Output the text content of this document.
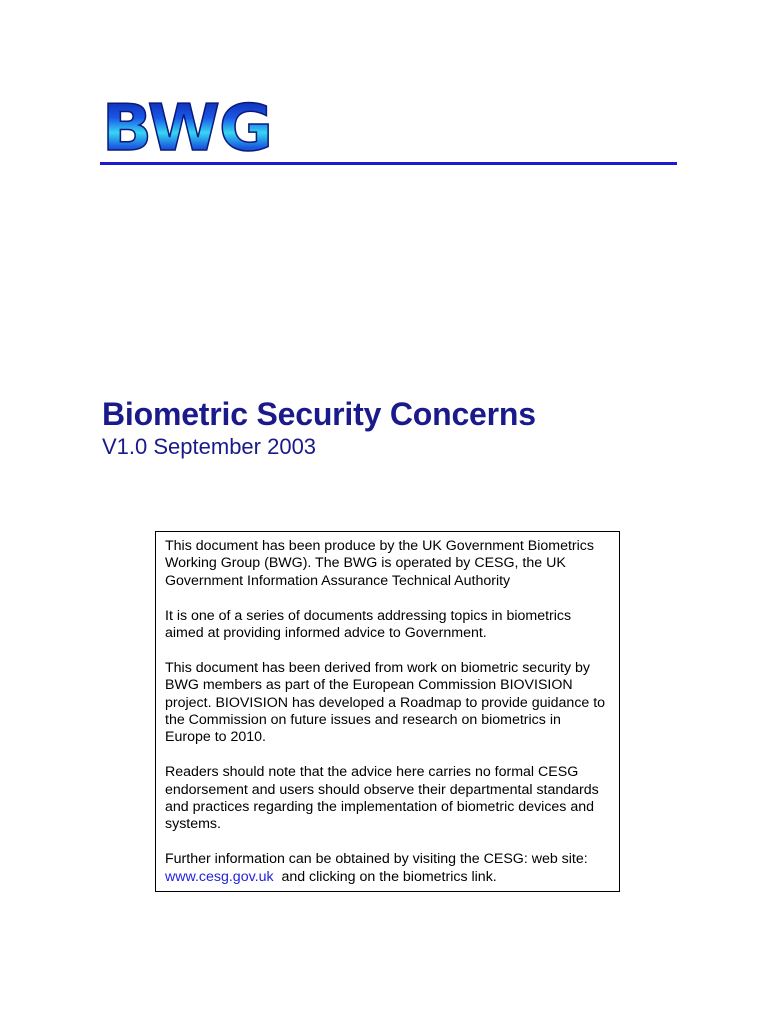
BWG
Biometric Security Concerns
V1.0 September 2003

This document has been produce by the UK Government Biometrics Working Group (BWG). The BWG is operated by CESG, the UK Government Information Assurance Technical Authority

It is one of a series of documents addressing topics in biometrics aimed at providing informed advice to Government.

This document has been derived from work on biometric security by BWG members as part of the European Commission BIOVISION project. BIOVISION has developed a Roadmap to provide guidance to the Commission on future issues and research on biometrics in Europe to 2010.

Readers should note that the advice here carries no formal CESG endorsement and users should observe their departmental standards and practices regarding the implementation of biometric devices and systems.

Further information can be obtained by visiting the CESG: web site: www.cesg.gov.uk  and clicking on the biometrics link.
